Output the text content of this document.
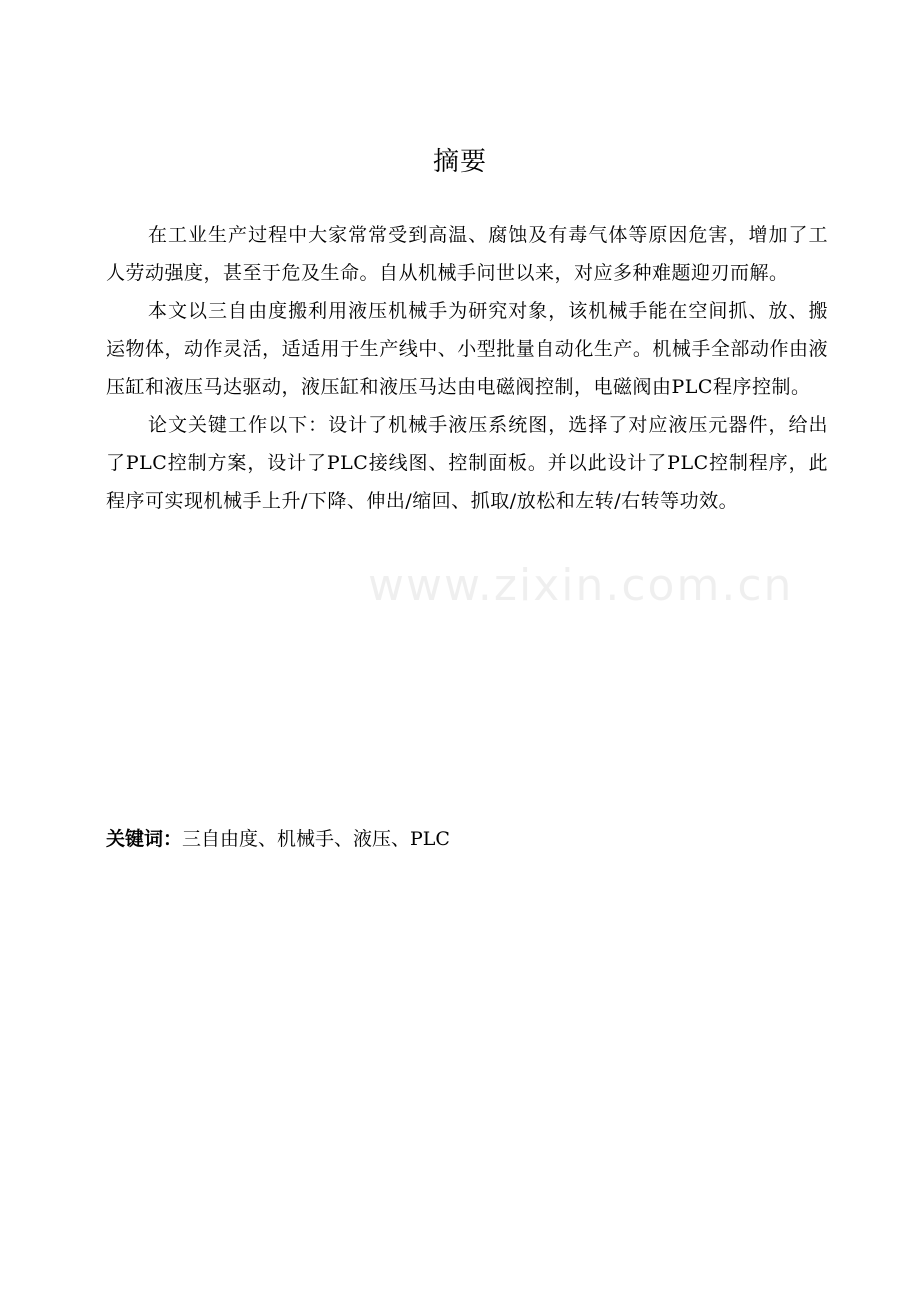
摘要

在工业生产过程中大家常常受到高温、腐蚀及有毒气体等原因危害，增加了工人劳动强度，甚至于危及生命。自从机械手问世以来，对应多种难题迎刃而解。

本文以三自由度搬利用液压机械手为研究对象，该机械手能在空间抓、放、搬运物体，动作灵活，适适用于生产线中、小型批量自动化生产。机械手全部动作由液压缸和液压马达驱动，液压缸和液压马达由电磁阀控制，电磁阀由PLC程序控制。

论文关键工作以下：设计了机械手液压系统图，选择了对应液压元器件，给出了PLC控制方案，设计了PLC接线图、控制面板。并以此设计了PLC控制程序，此程序可实现机械手上升/下降、伸出/缩回、抓取/放松和左转/右转等功效。

www.zixin.com.cn
关键词：三自由度、机械手、液压、PLC
